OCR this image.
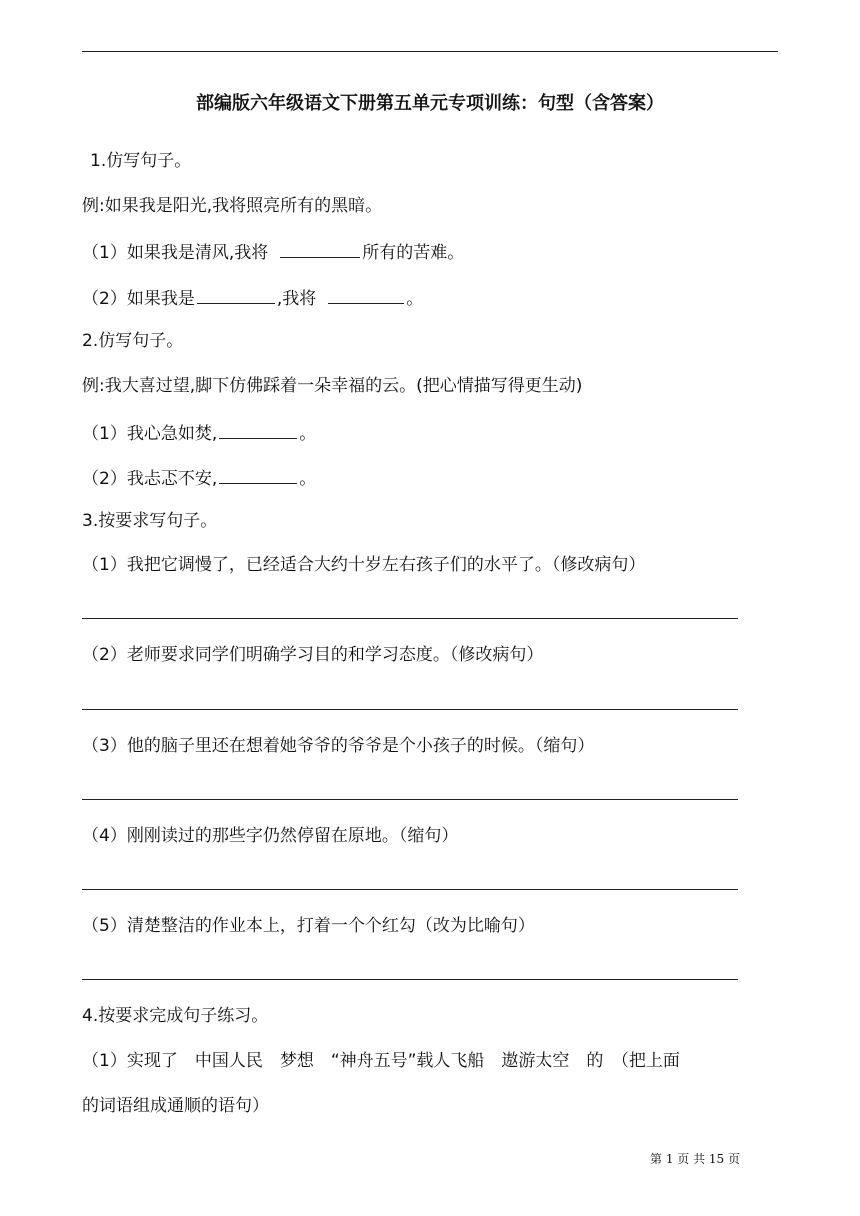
部编版六年级语文下册第五单元专项训练：句型（含答案）
1.仿写句子。
例:如果我是阳光,我将照亮所有的黑暗。
（1）如果我是清风,我将	所有的苦难。
（2）如果我是	,我将	。
2.仿写句子。
例:我大喜过望,脚下仿佛踩着一朵幸福的云。(把心情描写得更生动)
（1）我心急如焚,	。
（2）我忐忑不安,	。
3.按要求写句子。
（1）我把它调慢了，已经适合大约十岁左右孩子们的水平了。（修改病句）
（2）老师要求同学们明确学习目的和学习态度。（修改病句）
（3）他的脑子里还在想着她爷爷的爷爷是个小孩子的时候。（缩句）
（4）刚刚读过的那些字仍然停留在原地。（缩句）
（5）清楚整洁的作业本上，打着一个个红勾（改为比喻句）
4.按要求完成句子练习。
（1）实现了　中国人民　梦想　“神舟五号”载人飞船　遨游太空　的　（把上面
的词语组成通顺的语句）
第 1 页 共 15 页
